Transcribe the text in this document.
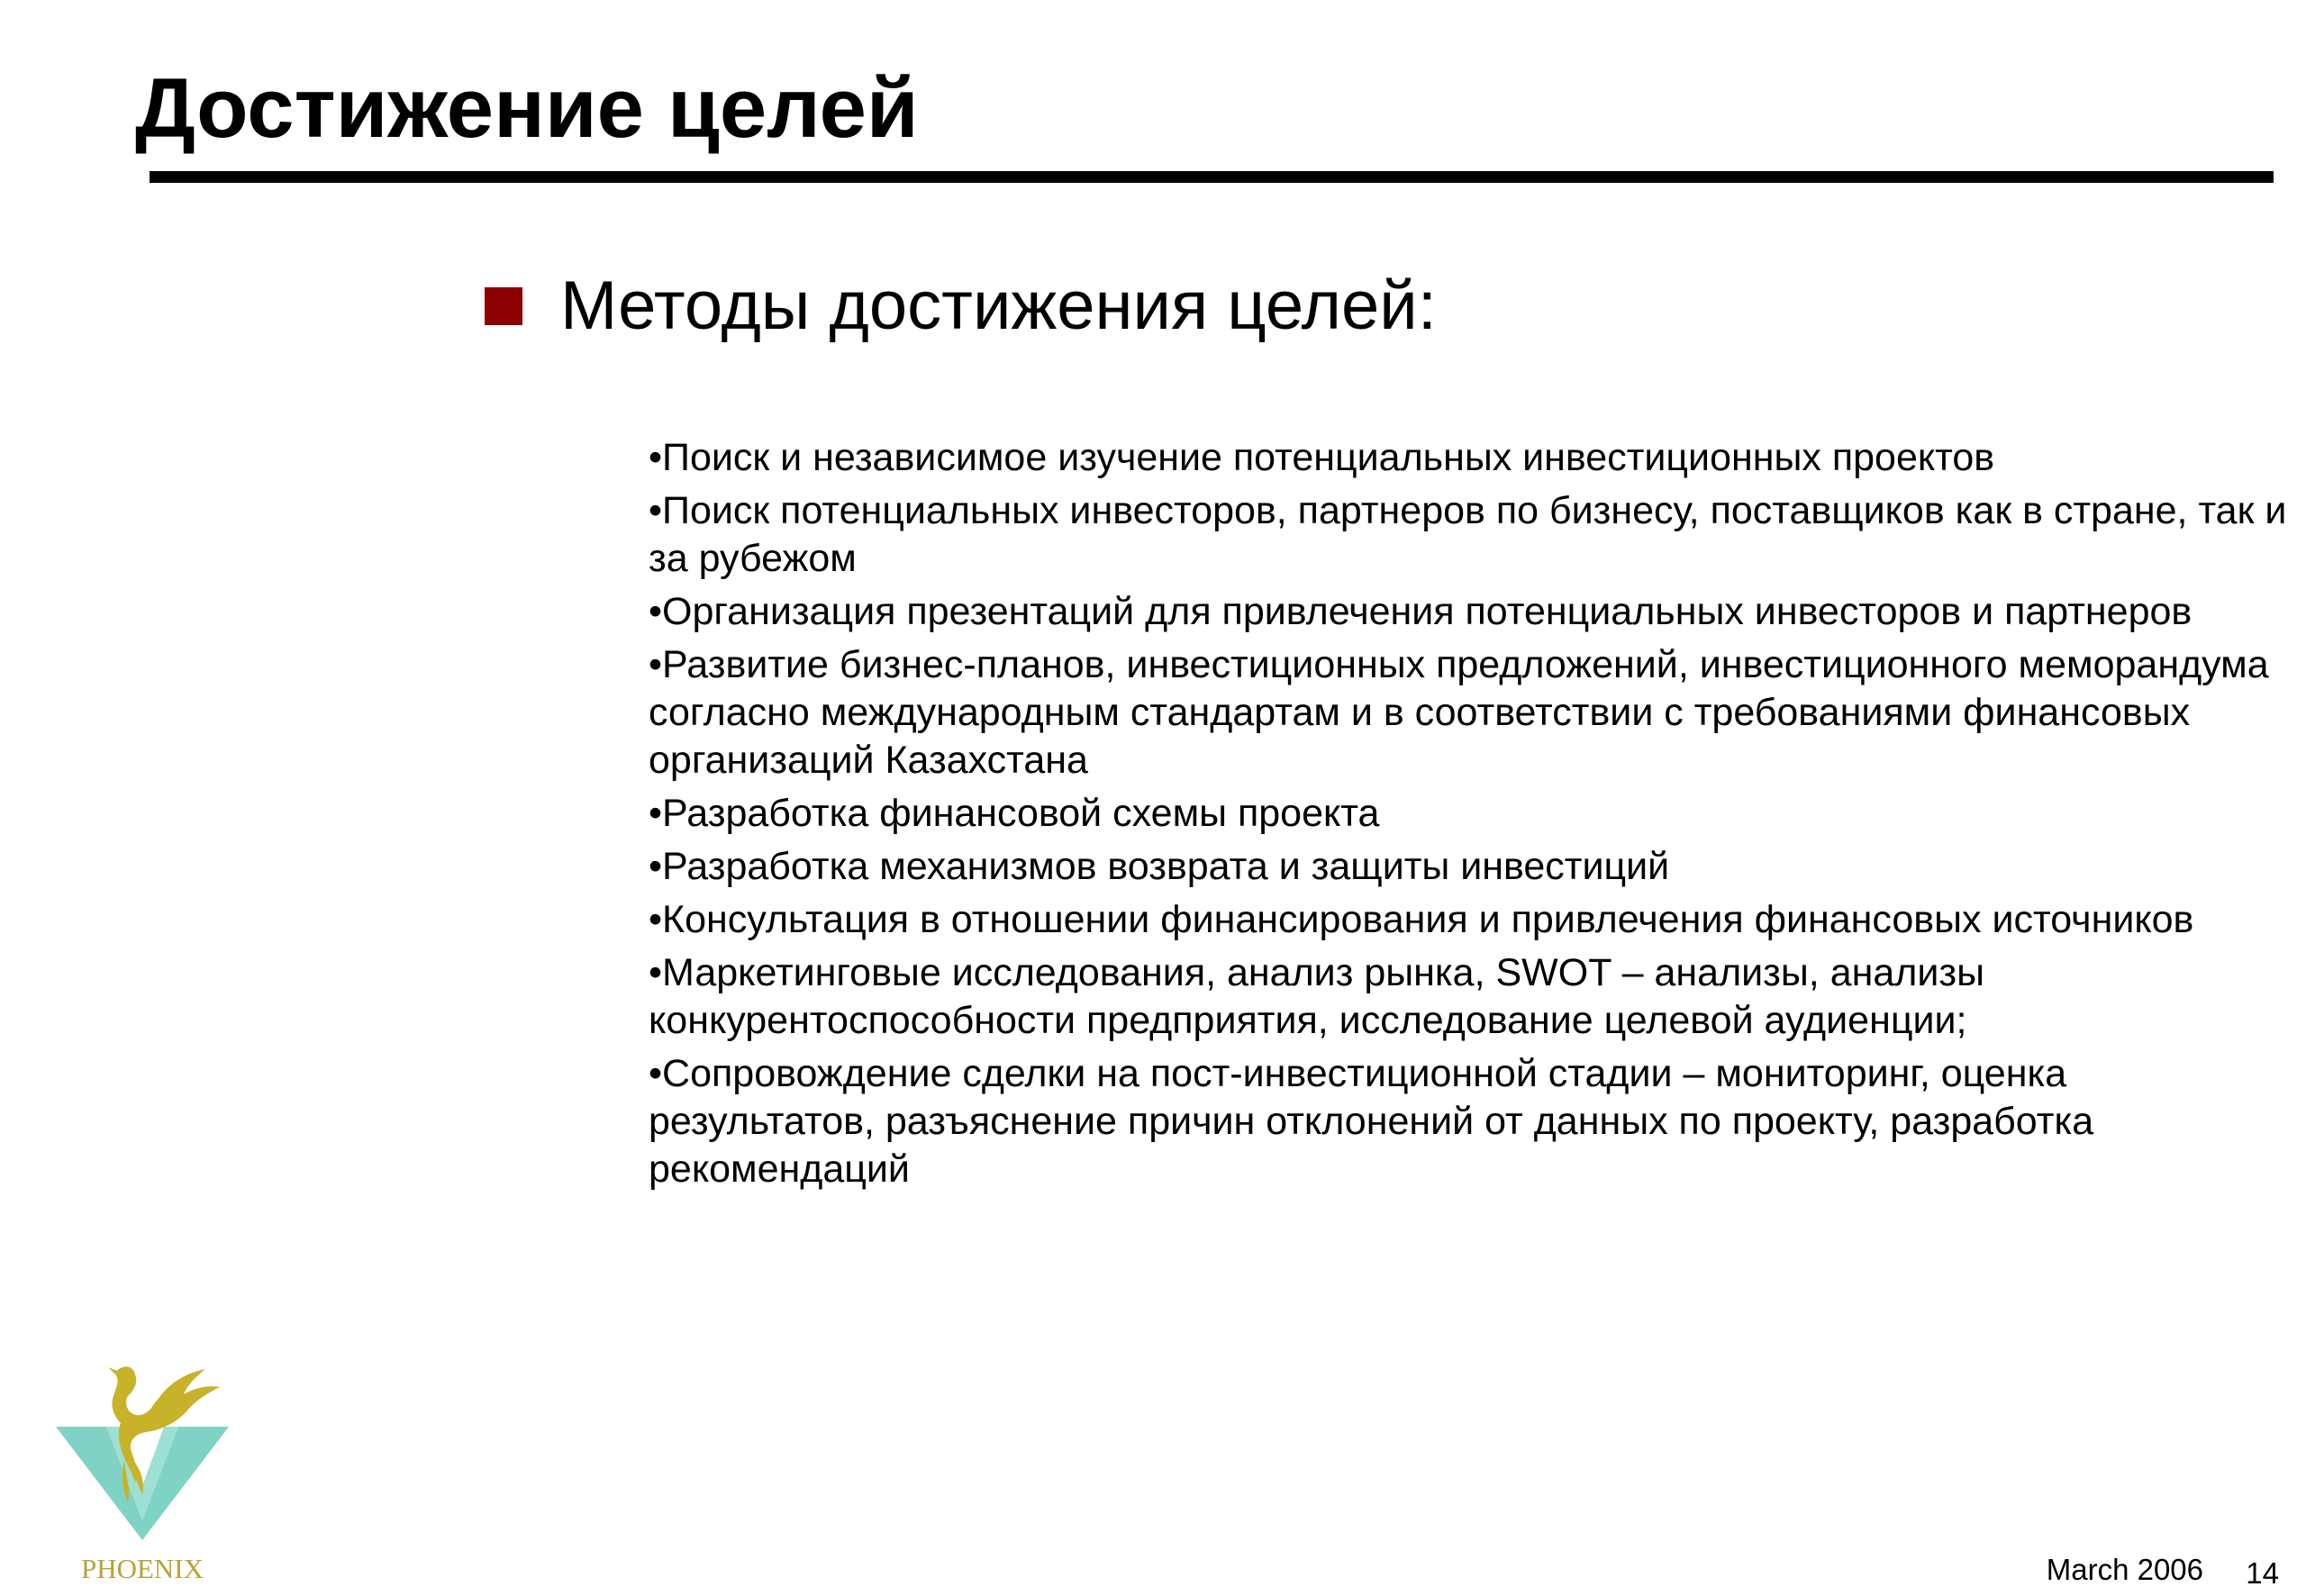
Достижение целей
Методы достижения целей:
•Поиск и независимое изучение потенциальных инвестиционных проектов
•Поиск потенциальных инвесторов, партнеров по бизнесу, поставщиков как в стране, так и за рубежом
•Организация презентаций для привлечения потенциальных инвесторов и партнеров
•Развитие бизнес-планов, инвестиционных предложений, инвестиционного меморандума согласно международным стандартам и в соответствии с требованиями финансовых организаций Казахстана
•Разработка финансовой схемы проекта
•Разработка механизмов возврата и защиты инвестиций
•Консультация в отношении финансирования и привлечения финансовых источников
•Маркетинговые исследования, анализ рынка, SWOT – анализы, анализы конкурентоспособности предприятия, исследование целевой аудиенции;
•Сопровождение сделки на пост-инвестиционной стадии – мониторинг, оценка результатов, разъяснение причин отклонений от данных по проекту, разработка рекомендаций
PHOENIX	March 2006 14
